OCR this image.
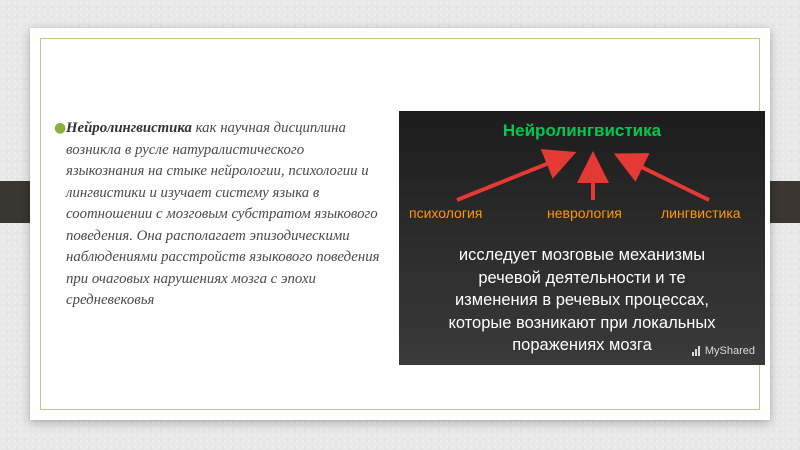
● Нейролингвистика как научная дисциплина возникла в русле натуралистического языкознания на стыке нейрологии, психологии и лингвистики и изучает систему языка в соотношении с мозговым субстратом языкового поведения. Она располагает эпизодическими наблюдениями расстройств языкового поведения при очаговых нарушениях мозга с эпохи средневековья

Нейролингвистика
психология	неврология	лингвистика
исследует мозговые механизмы
речевой деятельности и те
изменения в речевых процессах,
которые возникают при локальных
поражениях мозга	MyShared
